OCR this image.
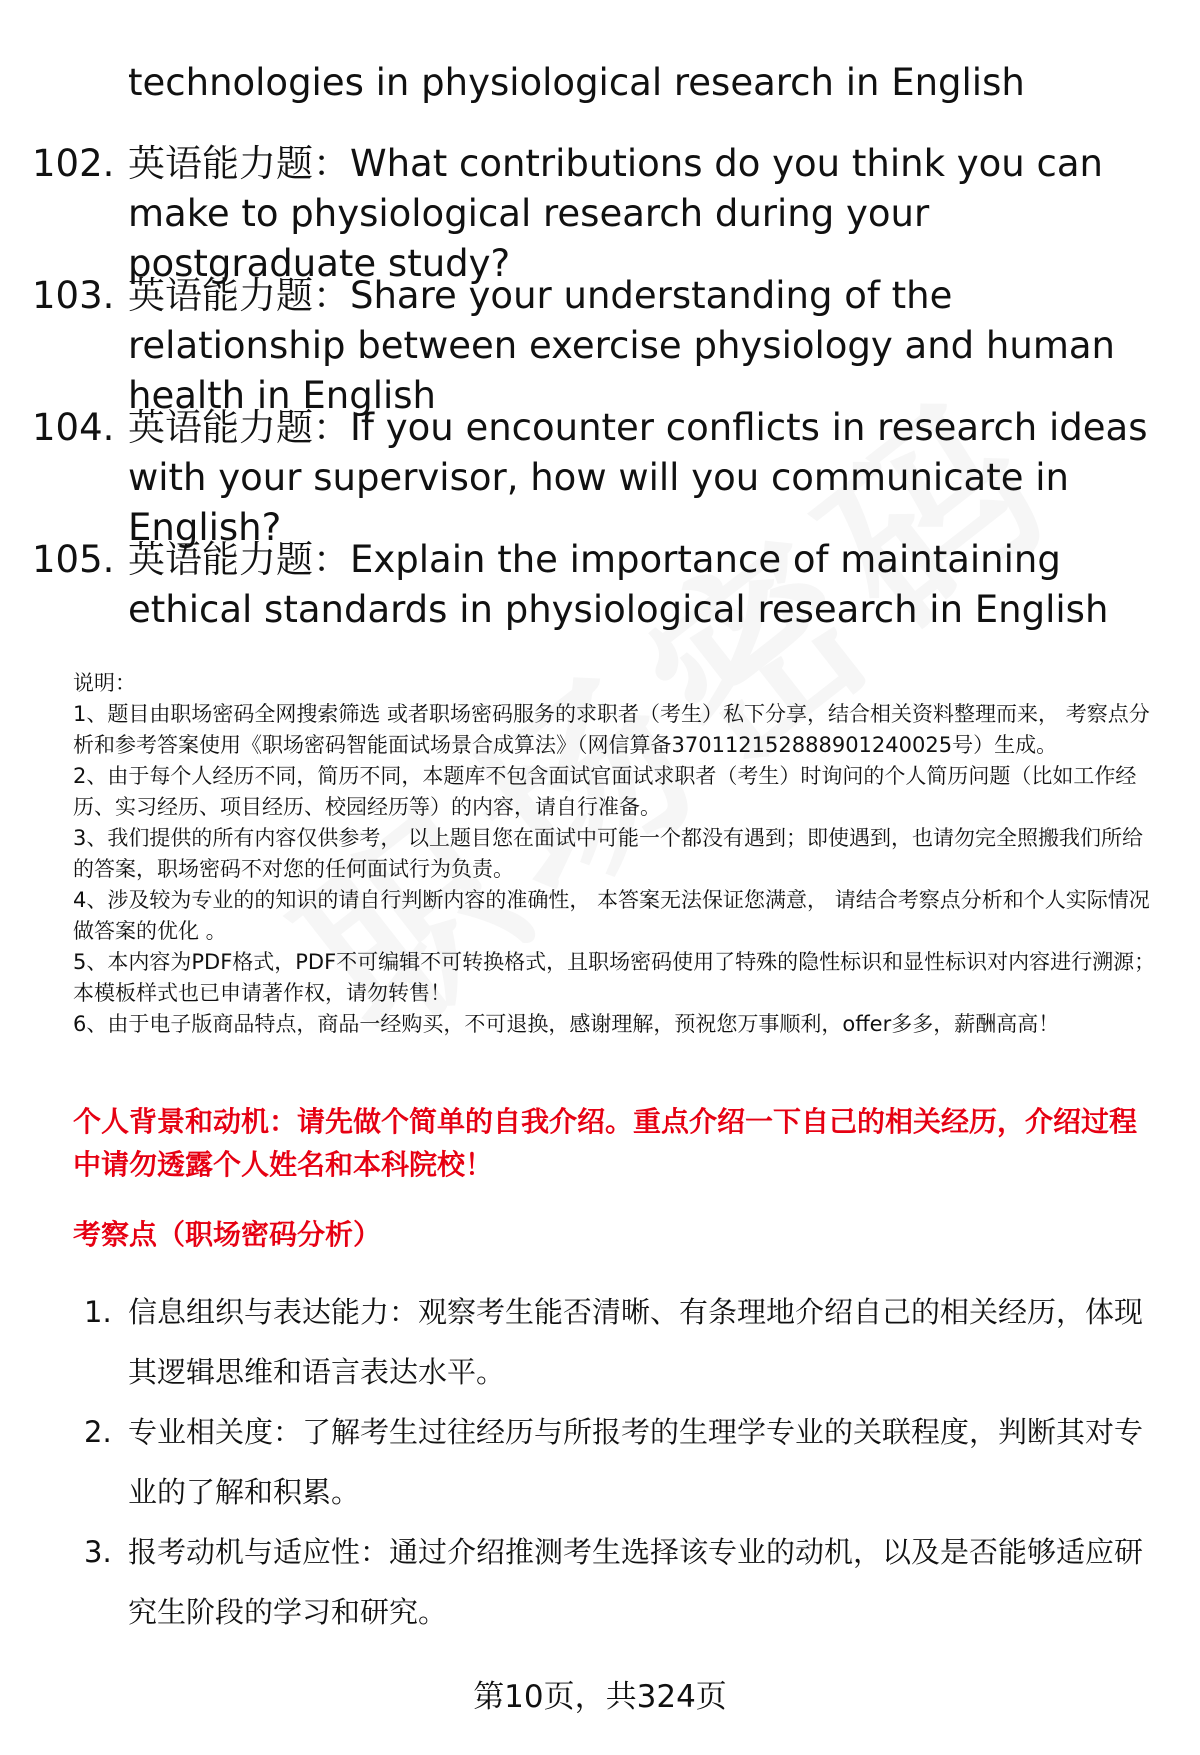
technologies in physiological research in English

102. 英语能力题：What contributions do you think you can make to physiological research during your postgraduate study?
103. 英语能力题：Share your understanding of the relationship between exercise physiology and human health in English
104. 英语能力题：If you encounter conflicts in research ideas with your supervisor, how will you communicate in English?
105. 英语能力题：Explain the importance of maintaining ethical standards in physiological research in English

说明：

1、题目由职场密码全网搜索筛选 或者职场密码服务的求职者（考生）私下分享，结合相关资料整理而来， 考察点分析和参考答案使用《职场密码智能面试场景合成算法》（网信算备370112152888901240025号）生成。

2、由于每个人经历不同，简历不同，本题库不包含面试官面试求职者（考生）时询问的个人简历问题（比如工作经历、实习经历、项目经历、校园经历等）的内容，请自行准备。

3、我们提供的所有内容仅供参考， 以上题目您在面试中可能一个都没有遇到；即使遇到，也请勿完全照搬我们所给的答案，职场密码不对您的任何面试行为负责。

4、涉及较为专业的的知识的请自行判断内容的准确性， 本答案无法保证您满意， 请结合考察点分析和个人实际情况做答案的优化 。

5、本内容为PDF格式，PDF不可编辑不可转换格式，且职场密码使用了特殊的隐性标识和显性标识对内容进行溯源；本模板样式也已申请著作权，请勿转售！

6、由于电子版商品特点，商品一经购买，不可退换，感谢理解，预祝您万事顺利，offer多多，薪酬高高！

个人背景和动机：请先做个简单的自我介绍。重点介绍一下自己的相关经历，介绍过程中请勿透露个人姓名和本科院校！

考察点（职场密码分析）

1. 信息组织与表达能力：观察考生能否清晰、有条理地介绍自己的相关经历，体现其逻辑思维和语言表达水平。
2. 专业相关度：了解考生过往经历与所报考的生理学专业的关联程度，判断其对专业的了解和积累。
3. 报考动机与适应性：通过介绍推测考生选择该专业的动机，以及是否能够适应研究生阶段的学习和研究。
第10页，共324页
